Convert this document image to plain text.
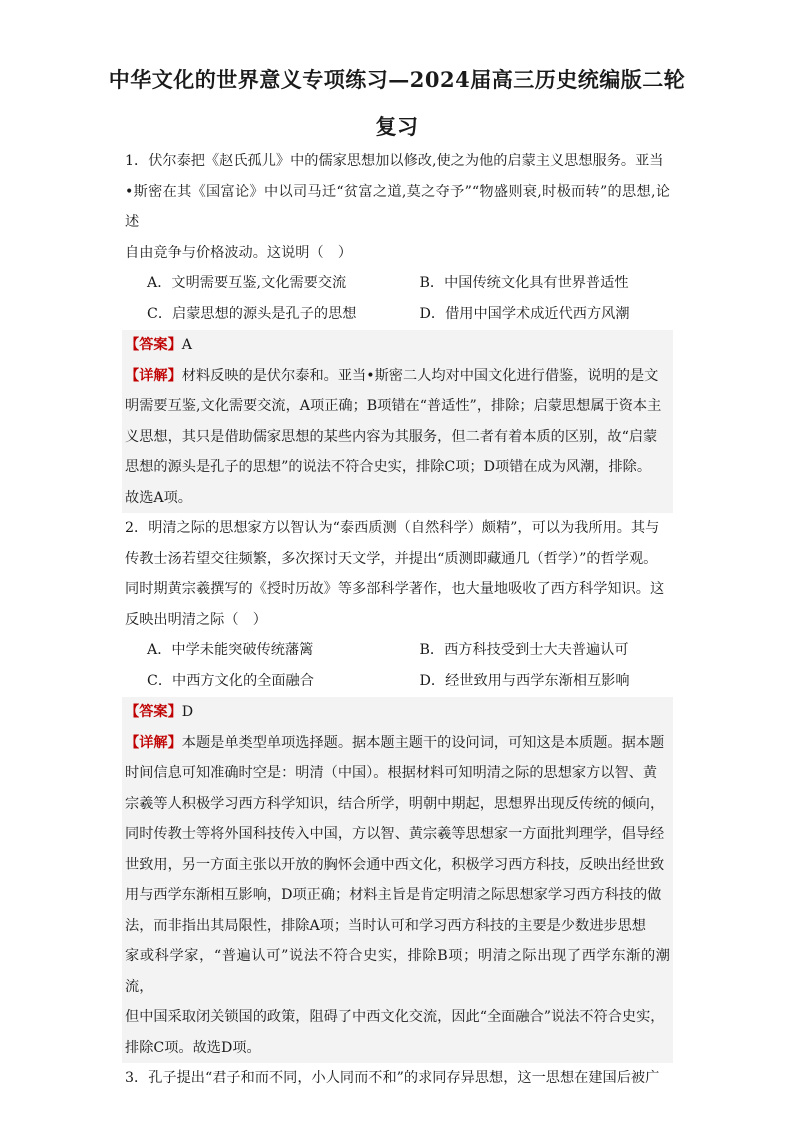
中华文化的世界意义专项练习—2024届高三历史统编版二轮
复习

1．伏尔泰把《赵氏孤儿》中的儒家思想加以修改,使之为他的启蒙主义思想服务。亚当

•斯密在其《国富论》中以司马迁“贫富之道,莫之夺予”“物盛则衰,时极而转”的思想,论述

自由竞争与价格波动。这说明（　）

A．文明需要互鉴,文化需要交流	B．中国传统文化具有世界普适性
C．启蒙思想的源头是孔子的思想	D．借用中国学术成近代西方风潮

【答案】A

【详解】材料反映的是伏尔泰和。亚当•斯密二人均对中国文化进行借鉴，说明的是文

明需要互鉴,文化需要交流，A项正确；B项错在“普适性”，排除；启蒙思想属于资本主

义思想，其只是借助儒家思想的某些内容为其服务，但二者有着本质的区别，故“启蒙

思想的源头是孔子的思想”的说法不符合史实，排除C项；D项错在成为风潮，排除。

故选A项。

2．明清之际的思想家方以智认为“泰西质测（自然科学）颇精”，可以为我所用。其与

传教士汤若望交往频繁，多次探讨天文学，并提出“质测即藏通几（哲学）”的哲学观。

同时期黄宗羲撰写的《授时历故》等多部科学著作，也大量地吸收了西方科学知识。这

反映出明清之际（　）

A．中学未能突破传统藩篱	B．西方科技受到士大夫普遍认可
C．中西方文化的全面融合	D．经世致用与西学东渐相互影响

【答案】D

【详解】本题是单类型单项选择题。据本题主题干的设问词，可知这是本质题。据本题

时间信息可知准确时空是：明清（中国）。根据材料可知明清之际的思想家方以智、黄

宗羲等人积极学习西方科学知识，结合所学，明朝中期起，思想界出现反传统的倾向，

同时传教士等将外国科技传入中国，方以智、黄宗羲等思想家一方面批判理学，倡导经

世致用，另一方面主张以开放的胸怀会通中西文化，积极学习西方科技，反映出经世致

用与西学东渐相互影响，D项正确；材料主旨是肯定明清之际思想家学习西方科技的做

法，而非指出其局限性，排除A项；当时认可和学习西方科技的主要是少数进步思想

家或科学家，“普遍认可”说法不符合史实，排除B项；明清之际出现了西学东渐的潮流，

但中国采取闭关锁国的政策，阻碍了中西文化交流，因此“全面融合”说法不符合史实，

排除C项。故选D项。

3．孔子提出“君子和而不同，小人同而不和”的求同存异思想，这一思想在建国后被广
